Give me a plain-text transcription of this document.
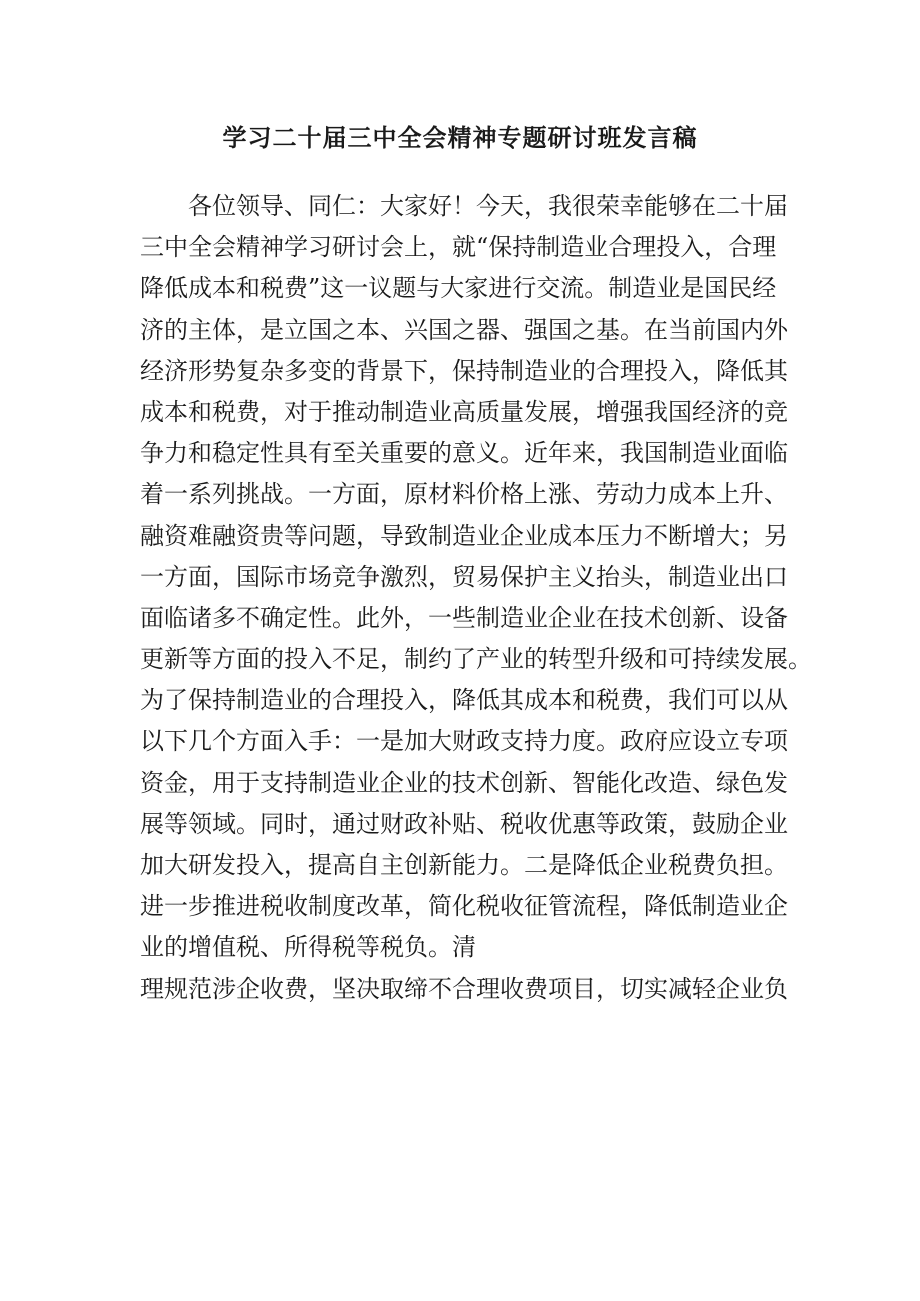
学习二十届三中全会精神专题研讨班发言稿
各位领导、同仁：大家好！今天，我很荣幸能够在二十届
三中全会精神学习研讨会上，就“保持制造业合理投入，合理
降低成本和税费”这一议题与大家进行交流。制造业是国民经
济的主体，是立国之本、兴国之器、强国之基。在当前国内外
经济形势复杂多变的背景下，保持制造业的合理投入，降低其
成本和税费，对于推动制造业高质量发展，增强我国经济的竞
争力和稳定性具有至关重要的意义。近年来，我国制造业面临
着一系列挑战。一方面，原材料价格上涨、劳动力成本上升、
融资难融资贵等问题，导致制造业企业成本压力不断增大；另
一方面，国际市场竞争激烈，贸易保护主义抬头，制造业出口
面临诸多不确定性。此外，一些制造业企业在技术创新、设备
更新等方面的投入不足，制约了产业的转型升级和可持续发展。
为了保持制造业的合理投入，降低其成本和税费，我们可以从
以下几个方面入手：一是加大财政支持力度。政府应设立专项
资金，用于支持制造业企业的技术创新、智能化改造、绿色发
展等领域。同时，通过财政补贴、税收优惠等政策，鼓励企业
加大研发投入，提高自主创新能力。二是降低企业税费负担。
进一步推进税收制度改革，简化税收征管流程，降低制造业企
业的增值税、所得税等税负。清
理规范涉企收费，坚决取缔不合理收费项目，切实减轻企业负
